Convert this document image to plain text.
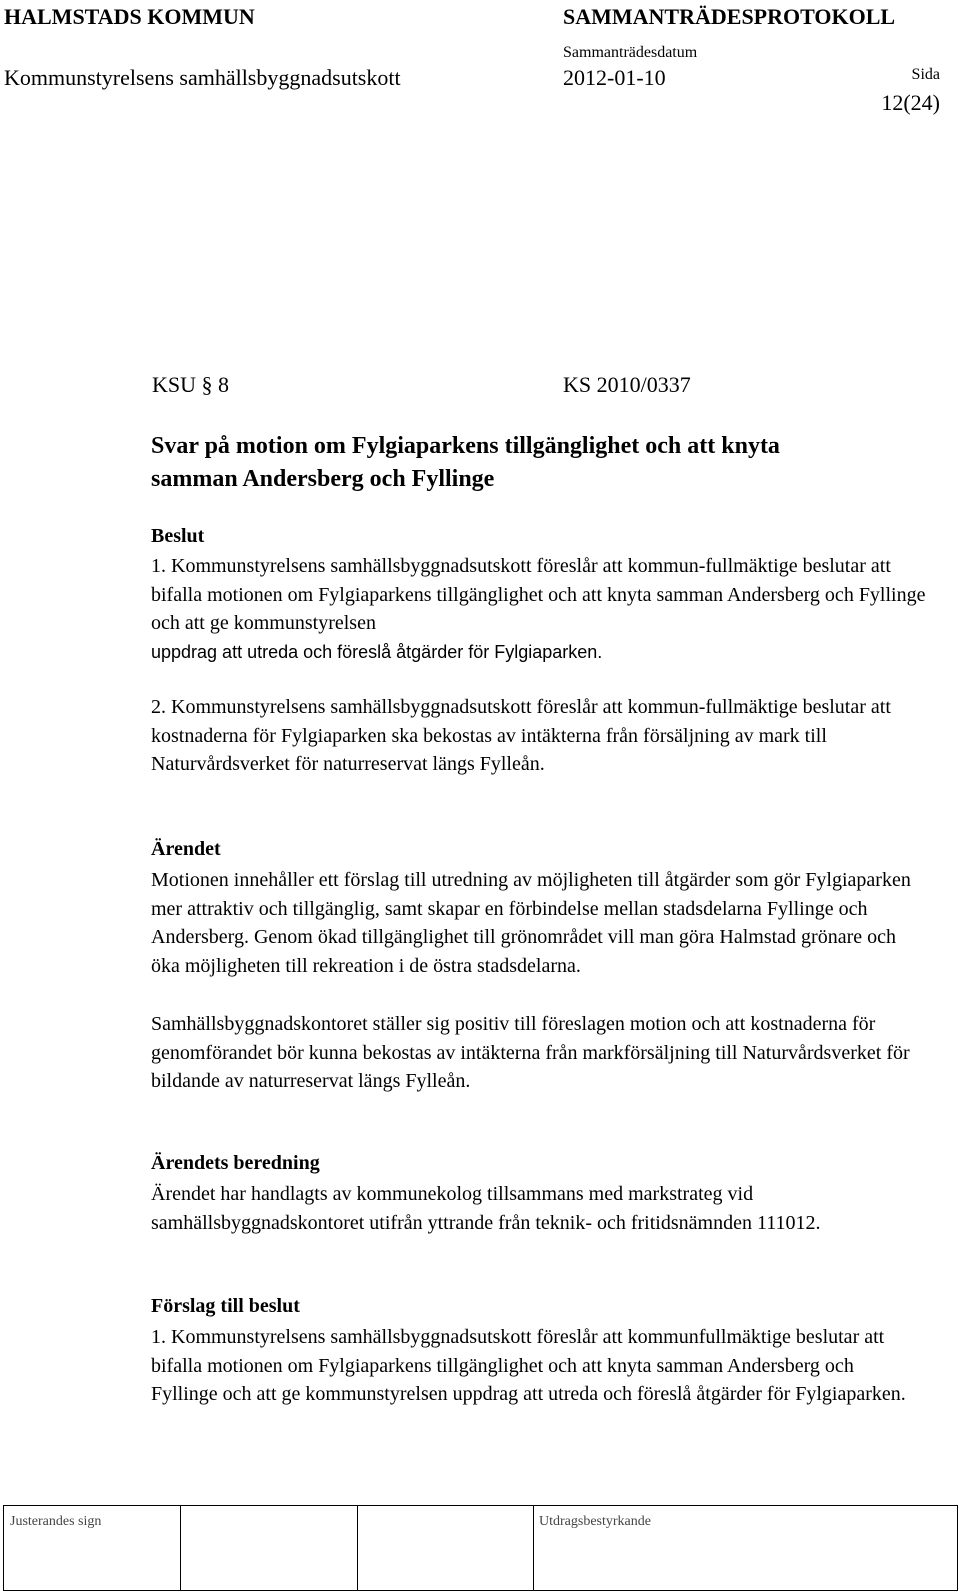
HALMSTADS KOMMUN	SAMMANTRÄDESPROTOKOLL
Sammanträdesdatum
Sida
Kommunstyrelsens samhällsbyggnadsutskott	2012-01-10
12(24)
KSU § 8	KS 2010/0337
Svar på motion om Fylgiaparkens tillgänglighet och att knyta
samman Andersberg och Fyllinge
Beslut
1. Kommunstyrelsens samhällsbyggnadsutskott föreslår att kommun-fullmäktige beslutar att bifalla motionen om Fylgiaparkens tillgänglighet och att knyta samman Andersberg och Fyllinge och att ge kommunstyrelsen
uppdrag att utreda och föreslå åtgärder för Fylgiaparken.
2. Kommunstyrelsens samhällsbyggnadsutskott föreslår att kommun-fullmäktige beslutar att kostnaderna för Fylgiaparken ska bekostas av intäkterna från försäljning av mark till Naturvårdsverket för naturreservat längs Fylleån.
Ärendet
Motionen innehåller ett förslag till utredning av möjligheten till åtgärder som gör Fylgiaparken mer attraktiv och tillgänglig, samt skapar en förbindelse mellan stadsdelarna Fyllinge och Andersberg. Genom ökad tillgänglighet till grönområdet vill man göra Halmstad grönare och öka möjligheten till rekreation i de östra stadsdelarna.
Samhällsbyggnadskontoret ställer sig positiv till föreslagen motion och att kostnaderna för genomförandet bör kunna bekostas av intäkterna från markförsäljning till Naturvårdsverket för bildande av naturreservat längs Fylleån.
Ärendets beredning
Ärendet har handlagts av kommunekolog tillsammans med markstrateg vid samhällsbyggnadskontoret utifrån yttrande från teknik- och fritidsnämnden 111012.
Förslag till beslut
1. Kommunstyrelsens samhällsbyggnadsutskott föreslår att kommunfullmäktige beslutar att bifalla motionen om Fylgiaparkens tillgänglighet och att knyta samman Andersberg och Fyllinge och att ge kommunstyrelsen uppdrag att utreda och föreslå åtgärder för Fylgiaparken.
Justerandes sign	Utdragsbestyrkande
